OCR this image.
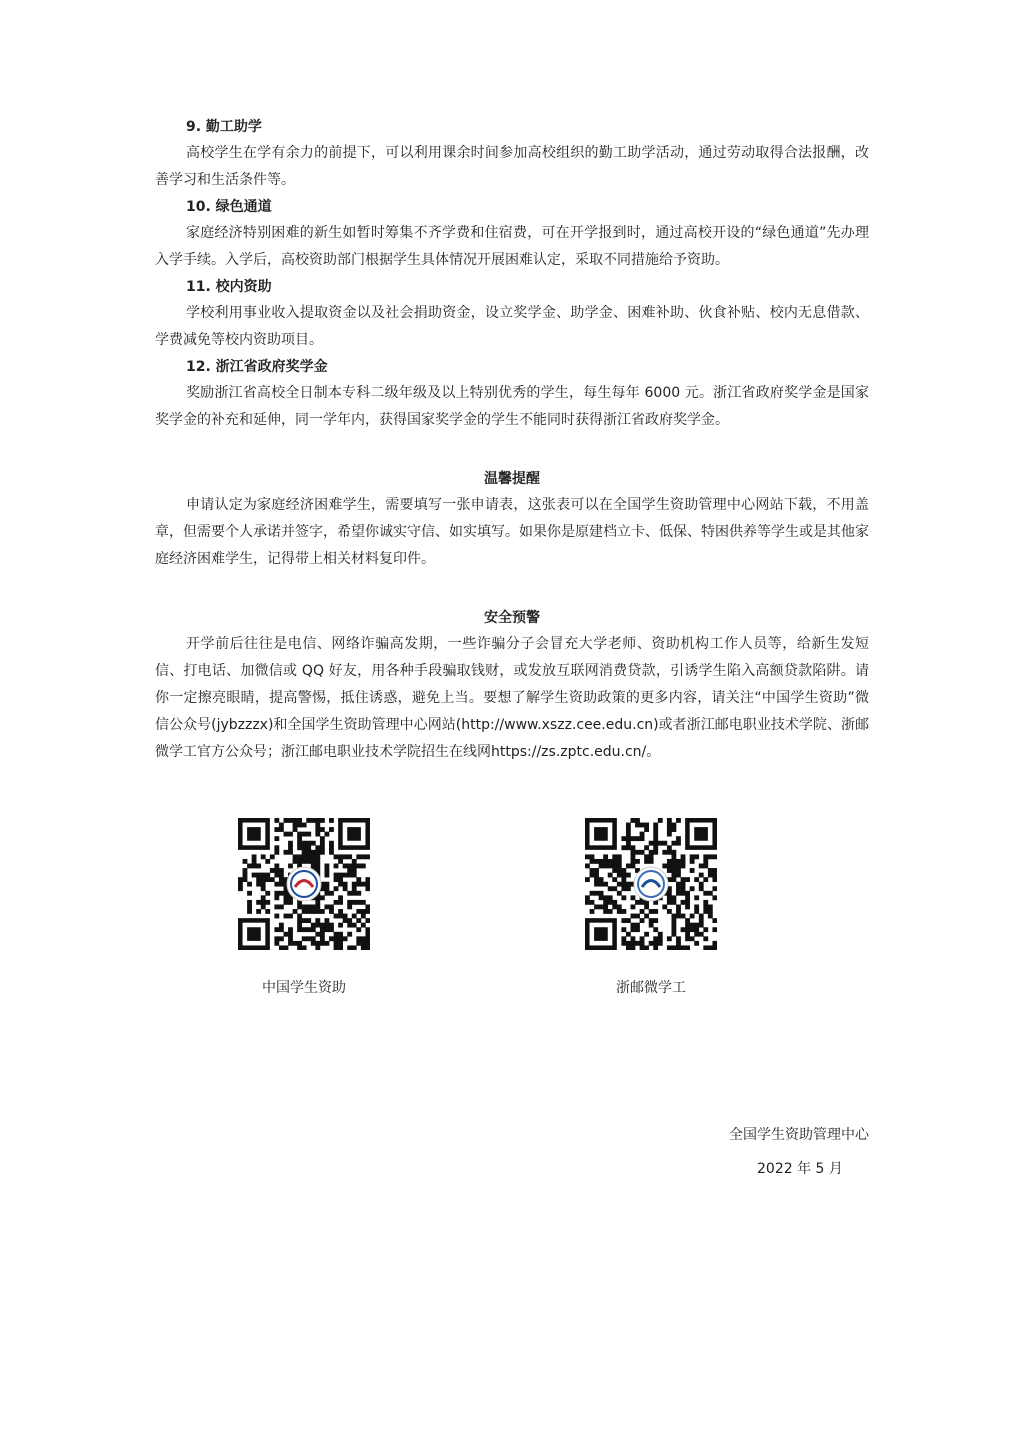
9. 勤工助学

高校学生在学有余力的前提下，可以利用课余时间参加高校组织的勤工助学活动，通过劳动取得合法报酬，改善学习和生活条件等。

10. 绿色通道

家庭经济特别困难的新生如暂时筹集不齐学费和住宿费，可在开学报到时，通过高校开设的“绿色通道”先办理入学手续。入学后，高校资助部门根据学生具体情况开展困难认定，采取不同措施给予资助。

11. 校内资助

学校利用事业收入提取资金以及社会捐助资金，设立奖学金、助学金、困难补助、伙食补贴、校内无息借款、学费减免等校内资助项目。

12. 浙江省政府奖学金

奖励浙江省高校全日制本专科二级年级及以上特别优秀的学生，每生每年 6000 元。浙江省政府奖学金是国家奖学金的补充和延伸，同一学年内，获得国家奖学金的学生不能同时获得浙江省政府奖学金。

温馨提醒

申请认定为家庭经济困难学生，需要填写一张申请表，这张表可以在全国学生资助管理中心网站下载，不用盖章，但需要个人承诺并签字，希望你诚实守信、如实填写。如果你是原建档立卡、低保、特困供养等学生或是其他家庭经济困难学生，记得带上相关材料复印件。

安全预警

开学前后往往是电信、网络诈骗高发期，一些诈骗分子会冒充大学老师、资助机构工作人员等，给新生发短信、打电话、加微信或 QQ 好友，用各种手段骗取钱财，或发放互联网消费贷款，引诱学生陷入高额贷款陷阱。请你一定擦亮眼睛，提高警惕，抵住诱惑，避免上当。要想了解学生资助政策的更多内容，请关注“中国学生资助”微信公众号(jybzzzx)和全国学生资助管理中心网站(http://www.xszz.cee.edu.cn)或者浙江邮电职业技术学院、浙邮微学工官方公众号；浙江邮电职业技术学院招生在线网https://zs.zptc.edu.cn/。

中国学生资助	浙邮微学工
全国学生资助管理中心
2022 年 5 月
